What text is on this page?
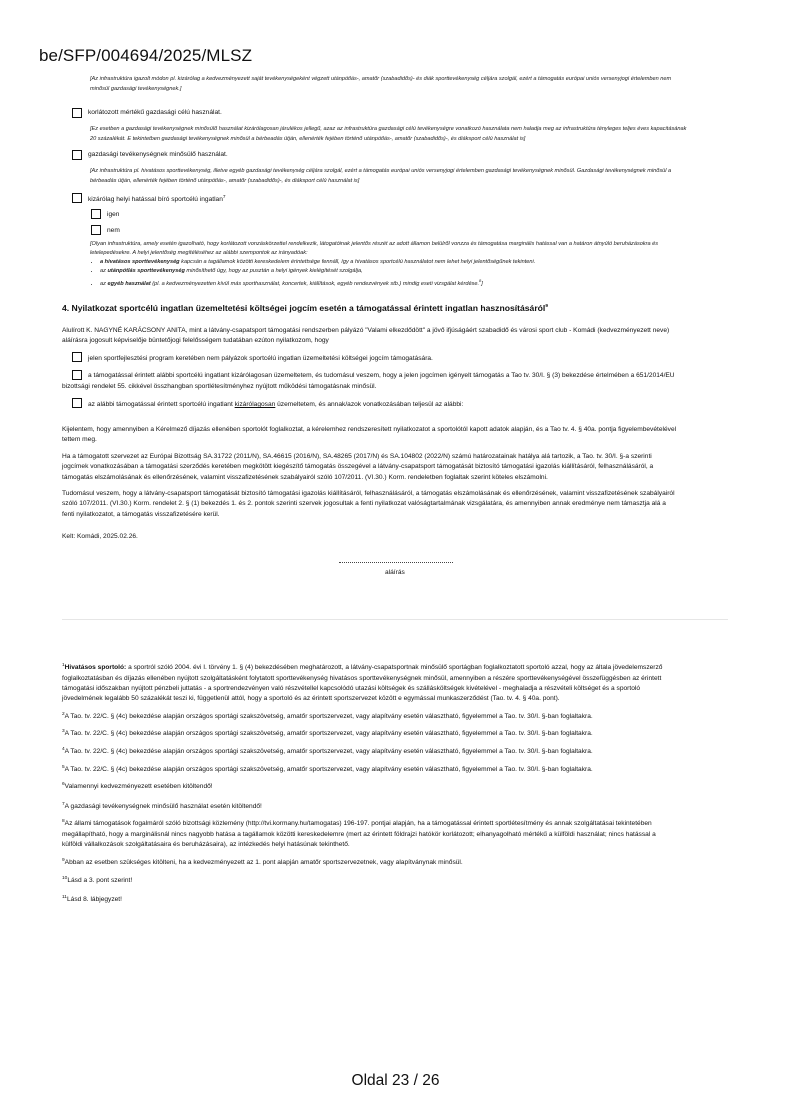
be/SFP/004694/2025/MLSZ
[Az infrastruktúra igazolt módon pl. kizárólag a kedvezményezett saját tevékenységeként végzett utánpótlás-, amatőr (szabadidős)- és diák sporttevékenység céljára szolgál, ezért a támogatás európai uniós versenyjogi értelemben nem
minősül gazdasági tevékenységnek.]
korlátozott mértékű gazdasági célú használat.
[Ez esetben a gazdasági tevékenységnek minősülő használat kizárólagosan járulékos jellegű, azaz az infrastruktúra gazdasági célú tevékenységre vonatkozó használata nem haladja meg az infrastruktúra tényleges teljes éves kapacitásának
20 százalékát. E tekintetben gazdasági tevékenységnek minősül a bérbeadás útján, ellenérték fejében történő utánpótlás-, amatőr (szabadidős)-, és diáksport célú használat is]
gazdasági tevékenységnek minősülő használat.
[Az infrastruktúra pl. hivatásos sporttevékenység, illetve egyéb gazdasági tevékenység céljára szolgál, ezért a támogatás európai uniós versenyjogi értelemben gazdasági tevékenységnek minősül. Gazdasági tevékenységnek minősül a
bérbeadás útján, ellenérték fejében történő utánpótlás-, amatőr (szabadidős)-, és diáksport célú használat is]
kizárólag helyi hatással bíró sportcélú ingatlan$^7$
igen
nem
[Olyan infrastruktúra, amely esetén igazolható, hogy korlátozott vonzáskörzettel rendelkezik, látogatóinak jelentős részét az adott államon belülről vonzza és támogatása marginális hatással van a határon átnyúló beruházásokra és
letelepedésekre. A helyi jelentőség megítéléséhez az alábbi szempontok az irányadóak:
• a hivatásos sporttevékenység kapcsán a tagállamok közötti kereskedelem érintettsége fennáll, így a hivatásos sportcélú használatot nem lehet helyi jelentőségűnek tekinteni.
• az utánpótlás sporttevékenység minősíthető úgy, hogy az pusztán a helyi igények kielégítését szolgálja,
• az egyéb használat (pl. a kedvezményezetten kívül más sporthasználat, koncertek, kiállítások, egyéb rendezvények stb.) mindig eseti vizsgálat kérdése.$^8$]
4. Nyilatkozat sportcélú ingatlan üzemeltetési költségei jogcím esetén a támogatással érintett ingatlan hasznosításáról$^9$
Alulírott K. NAGYNÉ KARÁCSONY ANITA, mint a látvány-csapatsport támogatási rendszerben pályázó "Valami elkezdődött" a jövő ifjúságáért szabadidő és városi sport club - Komádi (kedvezményezett neve)
aláírásra jogosult képviselője büntetőjogi felelősségem tudatában ezúton nyilatkozom, hogy
jelen sportfejlesztési program keretében nem pályázok sportcélú ingatlan üzemeltetési költségei jogcím támogatására.
a támogatással érintett alábbi sportcélú ingatlant kizárólagosan üzemeltetem, és tudomásul veszem, hogy a jelen jogcímen igényelt támogatás a Tao tv. 30/I. § (3) bekezdése értelmében a 651/2014/EU
bizottsági rendelet 55. cikkével összhangban sportlétesítményhez nyújtott működési támogatásnak minősül.
az alábbi támogatással érintett sportcélú ingatlant kizárólagosan üzemeltetem, és annak/azok vonatkozásában teljesül az alábbi:
Kijelentem, hogy amennyiben a Kérelmező díjazás ellenében sportolót foglalkoztat, a kérelemhez rendszeresített nyilatkozatot a sportolótól kapott adatok alapján, és a Tao tv. 4. § 40a. pontja figyelembevételével
tettem meg.
Ha a támogatott szervezet az Európai Bizottság SA.31722 (2011/N), SA.46615 (2016/N), SA.48265 (2017/N) és SA.104802 (2022/N) számú határozatainak hatálya alá tartozik, a Tao. tv. 30/I. §-a szerinti
jogcímek vonatkozásában a támogatási szerződés keretében megkötött kiegészítő támogatás összegével a látvány-csapatsport támogatását biztosító támogatási igazolás kiállításáról, felhasználásáról, a
támogatás elszámolásának és ellenőrzésének, valamint visszafizetésének szabályairól szóló 107/2011. (VI.30.) Korm. rendeletben foglaltak szerint köteles elszámolni.
Tudomásul veszem, hogy a látvány-csapatsport támogatását biztosító támogatási igazolás kiállításáról, felhasználásáról, a támogatás elszámolásának és ellenőrzésének, valamint visszafizetésének szabályairól
szóló 107/2011. (VI.30.) Korm. rendelet 2. § (1) bekezdés 1. és 2. pontok szerinti szervek jogosultak a fenti nyilatkozat valóságtartalmának vizsgálatára, és amennyiben annak eredménye nem támasztja alá a
fenti nyilatkozatot, a támogatás visszafizetésére kerül.
Kelt: Komádi, 2025.02.26.
aláírás
$^1$Hivatásos sportoló: a sportról szóló 2004. évi I. törvény 1. § (4) bekezdésében meghatározott, a látvány-csapatsportnak minősülő sportágban foglalkoztatott sportoló azzal, hogy az általa jövedelemszerző
foglalkoztatásban és díjazás ellenében nyújtott szolgáltatásként folytatott sporttevékenység hivatásos sporttevékenységnek minősül, amennyiben a részére sporttevékenységével összefüggésben az érintett
támogatási időszakban nyújtott pénzbeli juttatás - a sportrendezvényen való részvétellel kapcsolódó utazási költségek és szállásköltségek kivételével - meghaladja a részvételi költséget és a sportoló
jövedelmének legalább 50 százalékát teszi ki, függetlenül attól, hogy a sportoló és az érintett sportszervezet között e egymással munkaszerződést (Tao. tv. 4. § 40a. pont).
$^2$A Tao. tv. 22/C. § (4c) bekezdése alapján országos sportági szakszövetség, amatőr sportszervezet, vagy alapítvány esetén választható, figyelemmel a Tao. tv. 30/I. §-ban foglaltakra.
$^3$A Tao. tv. 22/C. § (4c) bekezdése alapján országos sportági szakszövetség, amatőr sportszervezet, vagy alapítvány esetén választható, figyelemmel a Tao. tv. 30/I. §-ban foglaltakra.
$^4$A Tao. tv. 22/C. § (4c) bekezdése alapján országos sportági szakszövetség, amatőr sportszervezet, vagy alapítvány esetén választható, figyelemmel a Tao. tv. 30/I. §-ban foglaltakra.
$^5$A Tao. tv. 22/C. § (4c) bekezdése alapján országos sportági szakszövetség, amatőr sportszervezet, vagy alapítvány esetén választható, figyelemmel a Tao. tv. 30/I. §-ban foglaltakra.
$^6$Valamennyi kedvezményezett esetében kitöltendő!
$^7$A gazdasági tevékenységnek minősülő használat esetén kitöltendő!
$^8$Az állami támogatások fogalmáról szóló bizottsági közlemény (http://tvi.kormany.hu/tamogatas) 196-197. pontjai alapján, ha a támogatással érintett sportlétesítmény és annak szolgáltatásai tekintetében
megállapítható, hogy a marginálisnál nincs nagyobb hatása a tagállamok közötti kereskedelemre (mert az érintett földrajzi hatókör korlátozott; elhanyagolható mértékű a külföldi használat; nincs hatással a
külföldi vállalkozások szolgáltatásaira és beruházásaira), az intézkedés helyi hatásúnak tekinthető.
$^9$Abban az esetben szükséges kitölteni, ha a kedvezményezett az 1. pont alapján amatőr sportszervezetnek, vagy alapítványnak minősül.
$^{10}$Lásd a 3. pont szerint!
$^{11}$Lásd 8. lábjegyzet!
Oldal 23 / 26
